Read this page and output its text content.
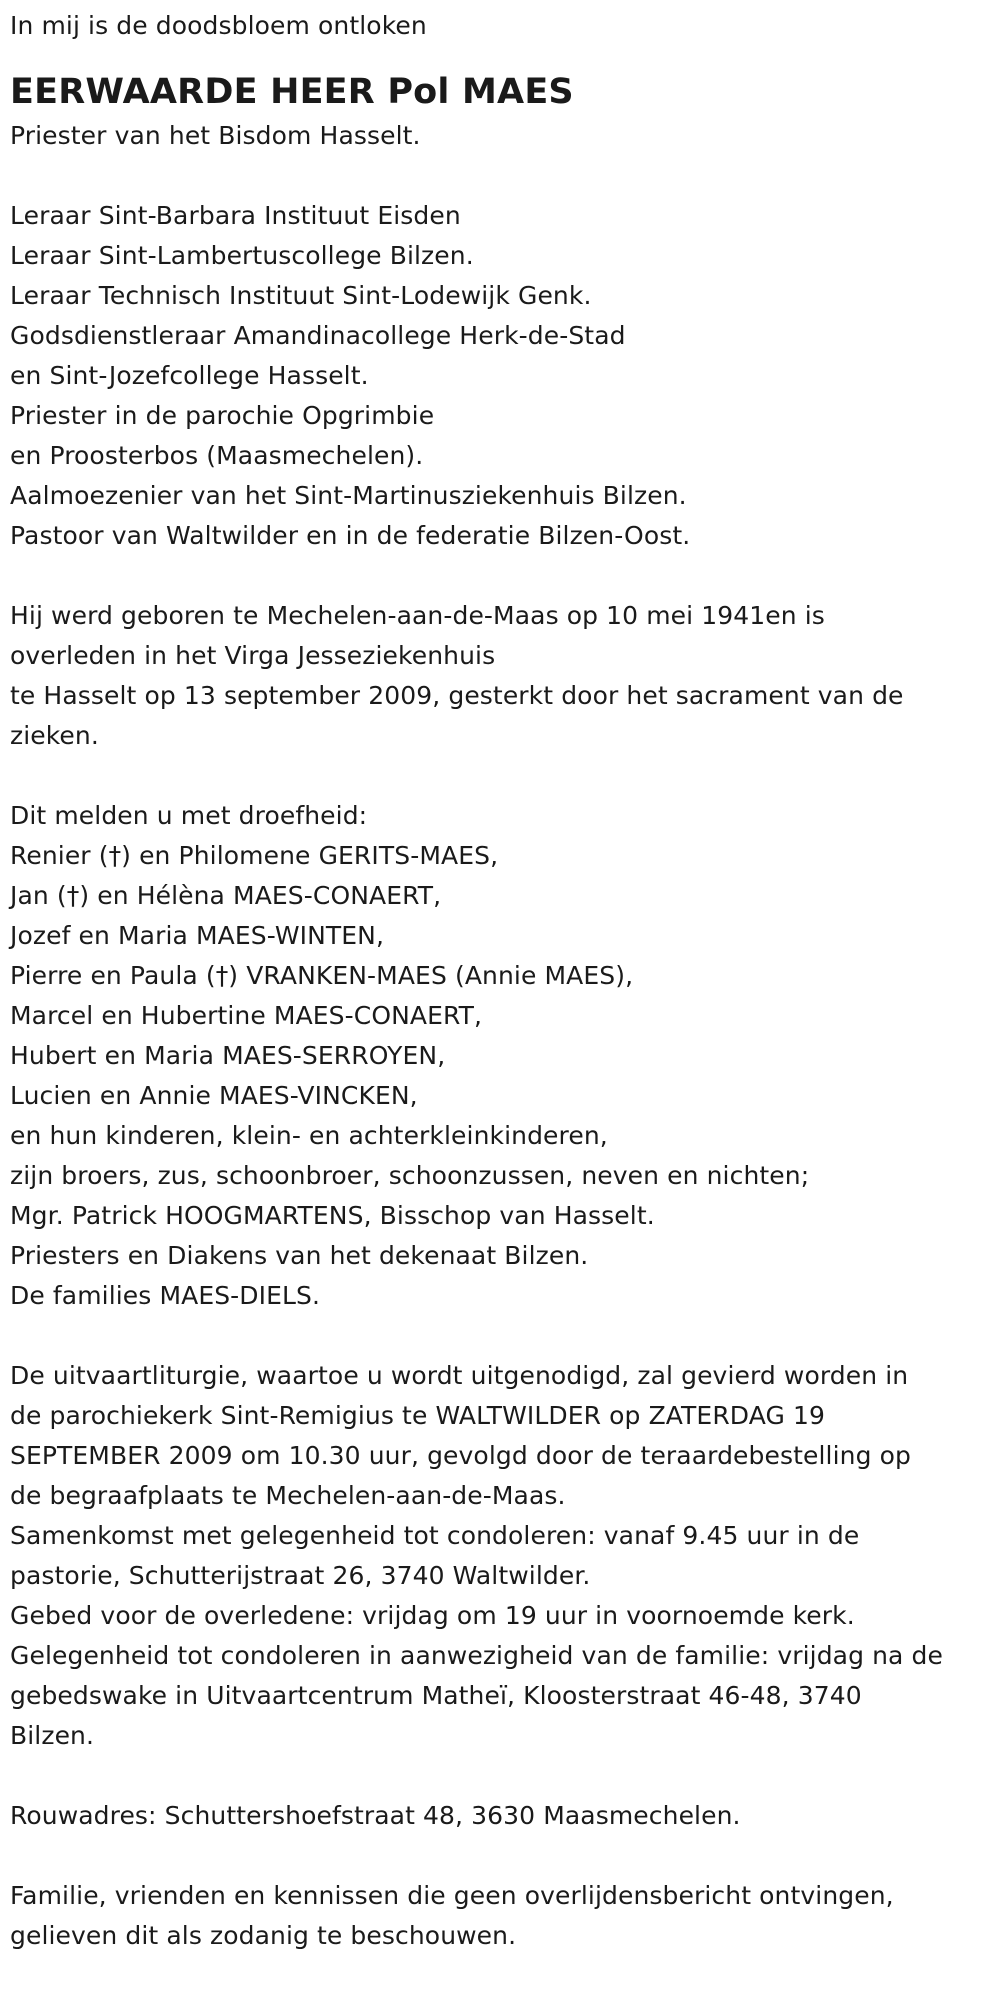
In mij is de doodsbloem ontloken
EERWAARDE HEER Pol MAES
Priester van het Bisdom Hasselt.
Leraar Sint-Barbara Instituut Eisden
Leraar Sint-Lambertuscollege Bilzen.
Leraar Technisch Instituut Sint-Lodewijk Genk.
Godsdienstleraar Amandinacollege Herk-de-Stad
en Sint-Jozefcollege Hasselt.
Priester in de parochie Opgrimbie
en Proosterbos (Maasmechelen).
Aalmoezenier van het Sint-Martinusziekenhuis Bilzen.
Pastoor van Waltwilder en in de federatie Bilzen-Oost.
Hij werd geboren te Mechelen-aan-de-Maas op 10 mei 1941en is
overleden in het Virga Jesseziekenhuis
te Hasselt op 13 september 2009, gesterkt door het sacrament van de
zieken.
Dit melden u met droefheid:
Renier (†) en Philomene GERITS-MAES,
Jan (†) en Hélèna MAES-CONAERT,
Jozef en Maria MAES-WINTEN,
Pierre en Paula (†) VRANKEN-MAES (Annie MAES),
Marcel en Hubertine MAES-CONAERT,
Hubert en Maria MAES-SERROYEN,
Lucien en Annie MAES-VINCKEN,
en hun kinderen, klein- en achterkleinkinderen,
zijn broers, zus, schoonbroer, schoonzussen, neven en nichten;
Mgr. Patrick HOOGMARTENS, Bisschop van Hasselt.
Priesters en Diakens van het dekenaat Bilzen.
De families MAES-DIELS.
De uitvaartliturgie, waartoe u wordt uitgenodigd, zal gevierd worden in
de parochiekerk Sint-Remigius te WALTWILDER op ZATERDAG 19
SEPTEMBER 2009 om 10.30 uur, gevolgd door de teraardebestelling op
de begraafplaats te Mechelen-aan-de-Maas.
Samenkomst met gelegenheid tot condoleren: vanaf 9.45 uur in de
pastorie, Schutterijstraat 26, 3740 Waltwilder.
Gebed voor de overledene: vrijdag om 19 uur in voornoemde kerk.
Gelegenheid tot condoleren in aanwezigheid van de familie: vrijdag na de
gebedswake in Uitvaartcentrum Matheï, Kloosterstraat 46-48, 3740
Bilzen.
Rouwadres: Schuttershoefstraat 48, 3630 Maasmechelen.
Familie, vrienden en kennissen die geen overlijdensbericht ontvingen,
gelieven dit als zodanig te beschouwen.
